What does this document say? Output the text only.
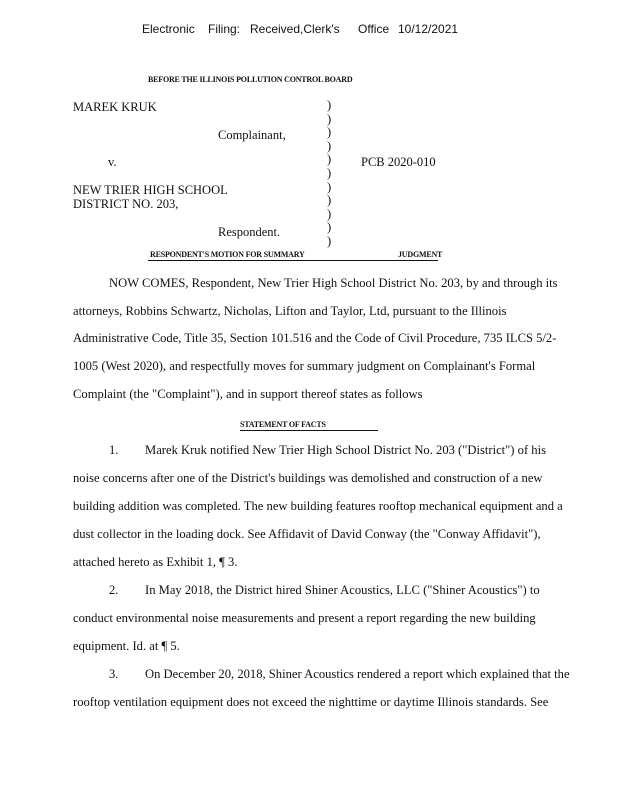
Electronic Filing: Received,Clerk's Office 10/12/2021
BEFORE THE ILLINOIS POLLUTION CONTROL BOARD
MAREK KRUK
Complainant,
v.	PCB 2020-010
NEW TRIER HIGH SCHOOL
DISTRICT NO. 203,
Respondent.
)
)
)
)
)
)
)
)
)
)
)
RESPONDENT'S MOTION FOR SUMMARY	JUDGMENT
NOW COMES, Respondent, New Trier High School District No. 203, by and through its
attorneys, Robbins Schwartz, Nicholas, Lifton and Taylor, Ltd, pursuant to the Illinois
Administrative Code, Title 35, Section 101.516 and the Code of Civil Procedure, 735 ILCS 5/2-
1005 (West 2020), and respectfully moves for summary judgment on Complainant's Formal
Complaint (the "Complaint"), and in support thereof states as follows
STATEMENT OF FACTS
1. Marek Kruk notified New Trier High School District No. 203 ("District") of his
noise concerns after one of the District's buildings was demolished and construction of a new
building addition was completed. The new building features rooftop mechanical equipment and a
dust collector in the loading dock. See Affidavit of David Conway (the "Conway Affidavit"),
attached hereto as Exhibit 1, ¶ 3.
2. In May 2018, the District hired Shiner Acoustics, LLC ("Shiner Acoustics") to
conduct environmental noise measurements and present a report regarding the new building
equipment. Id. at ¶ 5.
3. On December 20, 2018, Shiner Acoustics rendered a report which explained that the
rooftop ventilation equipment does not exceed the nighttime or daytime Illinois standards. See
